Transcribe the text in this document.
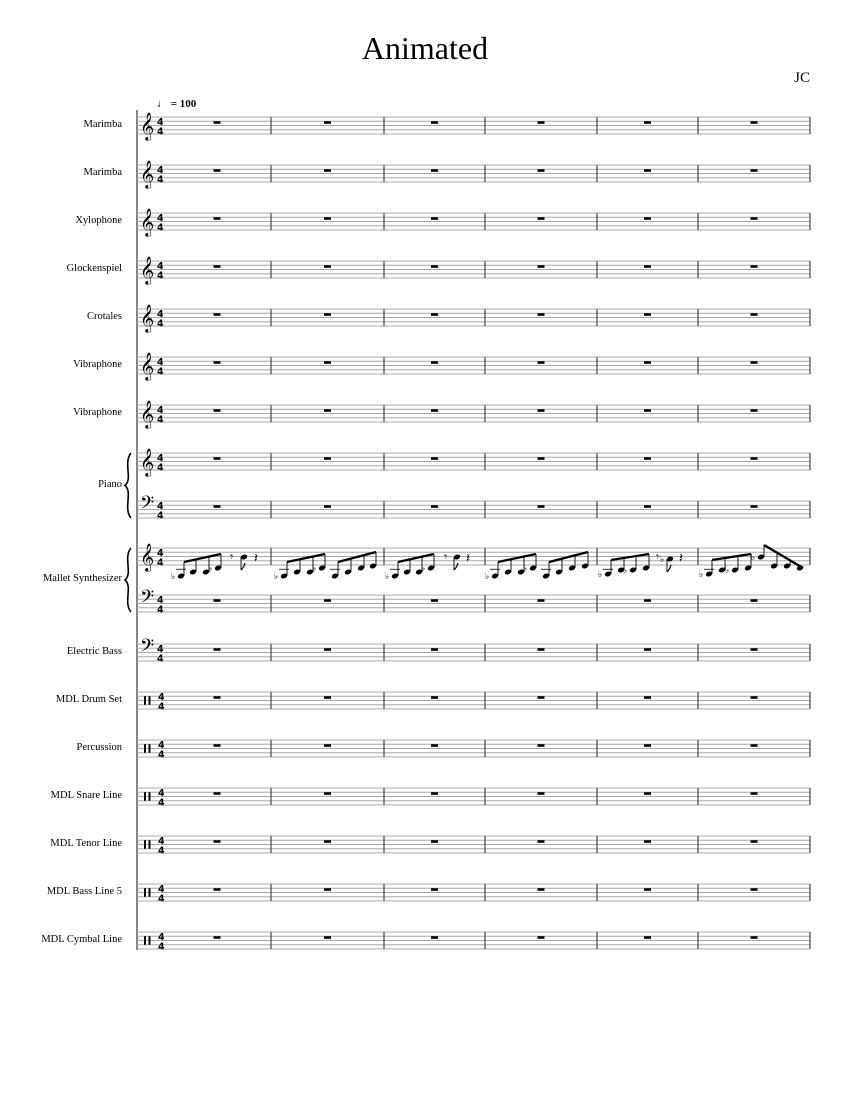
Animated
JC
♩ = 100
Marimba
Marimba
Xylophone
Glockenspiel
Crotales
Vibraphone
Vibraphone
Piano
Mallet Synthesizer
Electric Bass
MDL Drum Set
Percussion
MDL Snare Line
MDL Tenor Line
MDL Bass Line 5
MDL Cymbal Line
𝄞 4
4
𝄞 4
4
𝄞 4
4
𝄞 4
4
𝄞 4
4
𝄞 4
4
𝄞 4
4
𝄞 4
4
𝄢 4
4
𝄞 4
4
𝄢 4
4
♭
♭
𝄾 𝄽
♭
♭
♭
♭
𝄾 𝄽
♭
♭
♭ ♭
♭
𝄾 𝄽
♭ ♭
♭
𝄢 4
4
4
4
4
4
4
4
4
4
4
4
4
4
